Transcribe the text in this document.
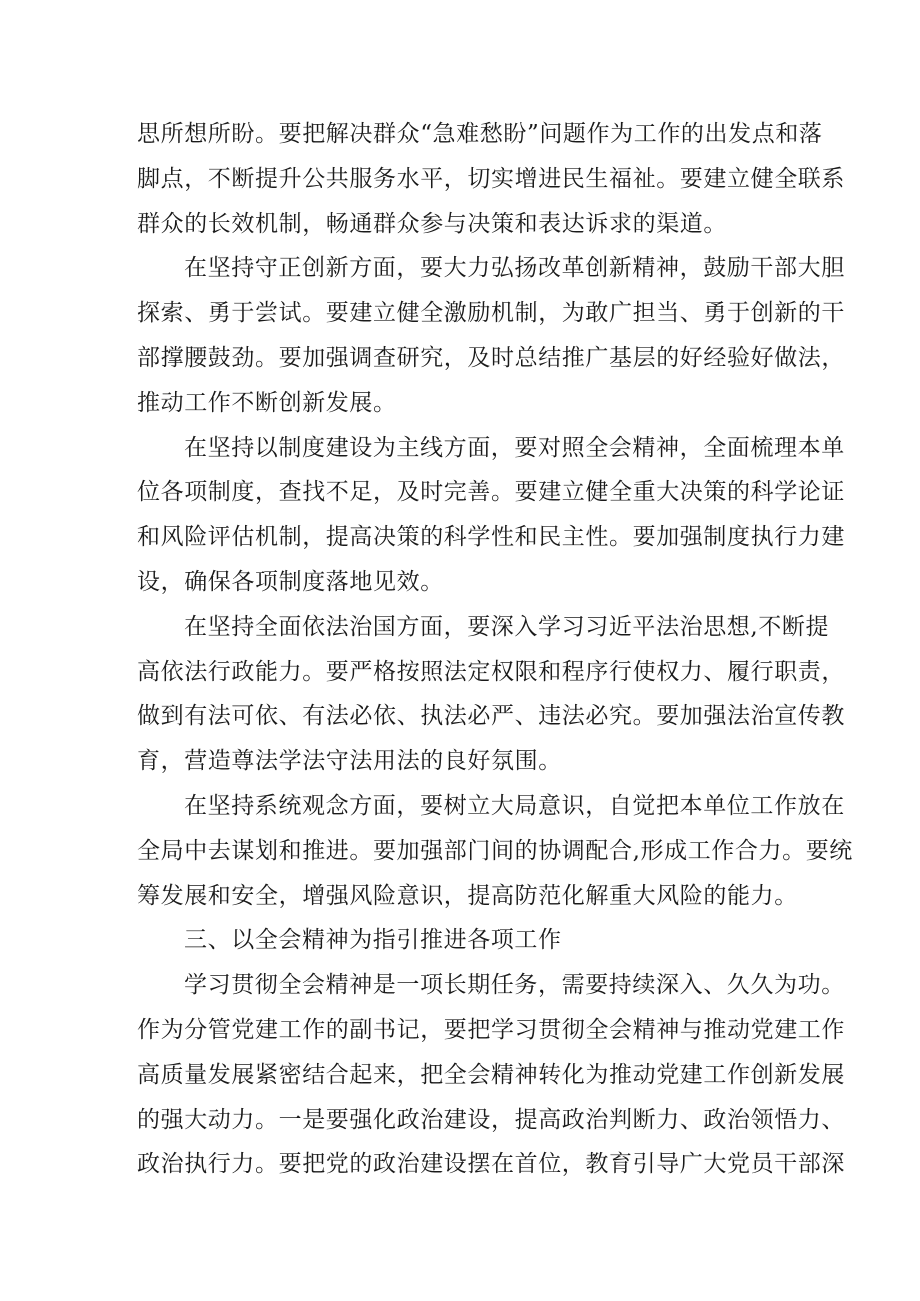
思所想所盼。要把解决群众“急难愁盼”问题作为工作的出发点和落
脚点，不断提升公共服务水平，切实增进民生福祉。要建立健全联系
群众的长效机制，畅通群众参与决策和表达诉求的渠道。
在坚持守正创新方面，要大力弘扬改革创新精神，鼓励干部大胆
探索、勇于尝试。要建立健全激励机制，为敢广担当、勇于创新的干
部撑腰鼓劲。要加强调查研究，及时总结推广基层的好经验好做法，
推动工作不断创新发展。
在坚持以制度建设为主线方面，要对照全会精神，全面梳理本单
位各项制度，查找不足，及时完善。要建立健全重大决策的科学论证
和风险评估机制，提高决策的科学性和民主性。要加强制度执行力建
设，确保各项制度落地见效。
在坚持全面依法治国方面，要深入学习习近平法治思想,不断提
高依法行政能力。要严格按照法定权限和程序行使权力、履行职责，
做到有法可依、有法必依、执法必严、违法必究。要加强法治宣传教
育，营造尊法学法守法用法的良好氛围。
在坚持系统观念方面，要树立大局意识，自觉把本单位工作放在
全局中去谋划和推进。要加强部门间的协调配合,形成工作合力。要统
筹发展和安全，增强风险意识，提高防范化解重大风险的能力。
三、以全会精神为指引推进各项工作
学习贯彻全会精神是一项长期任务，需要持续深入、久久为功。
作为分管党建工作的副书记，要把学习贯彻全会精神与推动党建工作
高质量发展紧密结合起来，把全会精神转化为推动党建工作创新发展
的强大动力。一是要强化政治建设，提高政治判断力、政治领悟力、
政治执行力。要把党的政治建设摆在首位，教育引导广大党员干部深
